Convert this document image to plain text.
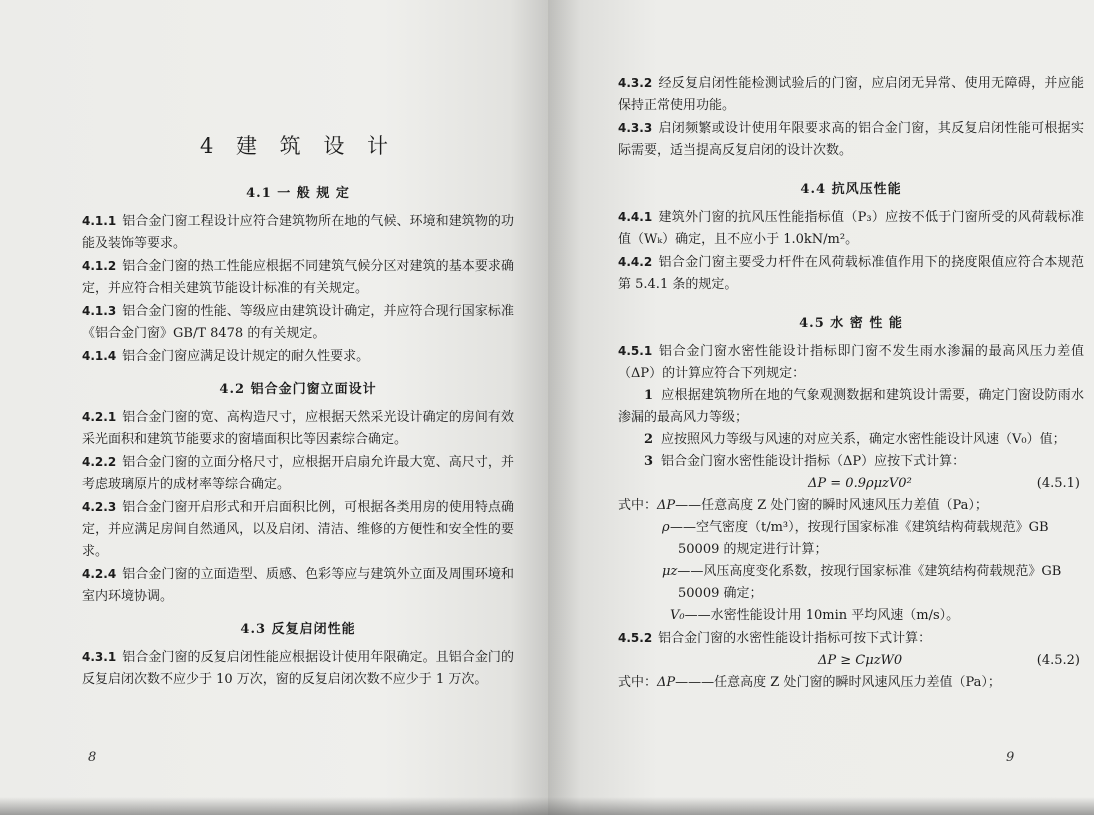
4 建 筑 设 计
4.1 一 般 规 定

4.1.1 铝合金门窗工程设计应符合建筑物所在地的气候、环境和建筑物的功能及装饰等要求。

4.1.2 铝合金门窗的热工性能应根据不同建筑气候分区对建筑的基本要求确定，并应符合相关建筑节能设计标准的有关规定。

4.1.3 铝合金门窗的性能、等级应由建筑设计确定，并应符合现行国家标准《铝合金门窗》GB/T 8478 的有关规定。

4.1.4 铝合金门窗应满足设计规定的耐久性要求。

4.2 铝合金门窗立面设计

4.2.1 铝合金门窗的宽、高构造尺寸，应根据天然采光设计确定的房间有效采光面积和建筑节能要求的窗墙面积比等因素综合确定。

4.2.2 铝合金门窗的立面分格尺寸，应根据开启扇允许最大宽、高尺寸，并考虑玻璃原片的成材率等综合确定。

4.2.3 铝合金门窗开启形式和开启面积比例，可根据各类用房的使用特点确定，并应满足房间自然通风，以及启闭、清洁、维修的方便性和安全性的要求。

4.2.4 铝合金门窗的立面造型、质感、色彩等应与建筑外立面及周围环境和室内环境协调。

4.3 反复启闭性能

4.3.1 铝合金门窗的反复启闭性能应根据设计使用年限确定。且铝合金门的反复启闭次数不应少于 10 万次，窗的反复启闭次数不应少于 1 万次。

8

4.3.2 经反复启闭性能检测试验后的门窗，应启闭无异常、使用无障碍，并应能保持正常使用功能。

4.3.3 启闭频繁或设计使用年限要求高的铝合金门窗，其反复启闭性能可根据实际需要，适当提高反复启闭的设计次数。

4.4 抗风压性能

4.4.1 建筑外门窗的抗风压性能指标值（P₃）应按不低于门窗所受的风荷载标准值（Wₖ）确定，且不应小于 1.0kN/m²。

4.4.2 铝合金门窗主要受力杆件在风荷载标准值作用下的挠度限值应符合本规范第 5.4.1 条的规定。

4.5 水 密 性 能

4.5.1 铝合金门窗水密性能设计指标即门窗不发生雨水渗漏的最高风压力差值（ΔP）的计算应符合下列规定：

1 应根据建筑物所在地的气象观测数据和建筑设计需要，确定门窗设防雨水渗漏的最高风力等级；

2 应按照风力等级与风速的对应关系，确定水密性能设计风速（V₀）值；

3 铝合金门窗水密性能设计指标（ΔP）应按下式计算：

ΔP = 0.9ρμzV0²	(4.5.1)

式中：ΔP——任意高度 Z 处门窗的瞬时风速风压力差值（Pa）；

ρ——空气密度（t/m³），按现行国家标准《建筑结构荷载规范》GB 50009 的规定进行计算；

μz——风压高度变化系数，按现行国家标准《建筑结构荷载规范》GB 50009 确定；

V₀——水密性能设计用 10min 平均风速（m/s）。

4.5.2 铝合金门窗的水密性能设计指标可按下式计算：

ΔP ≥ CμzW0	(4.5.2)

式中：ΔP———任意高度 Z 处门窗的瞬时风速风压力差值（Pa）；

9
